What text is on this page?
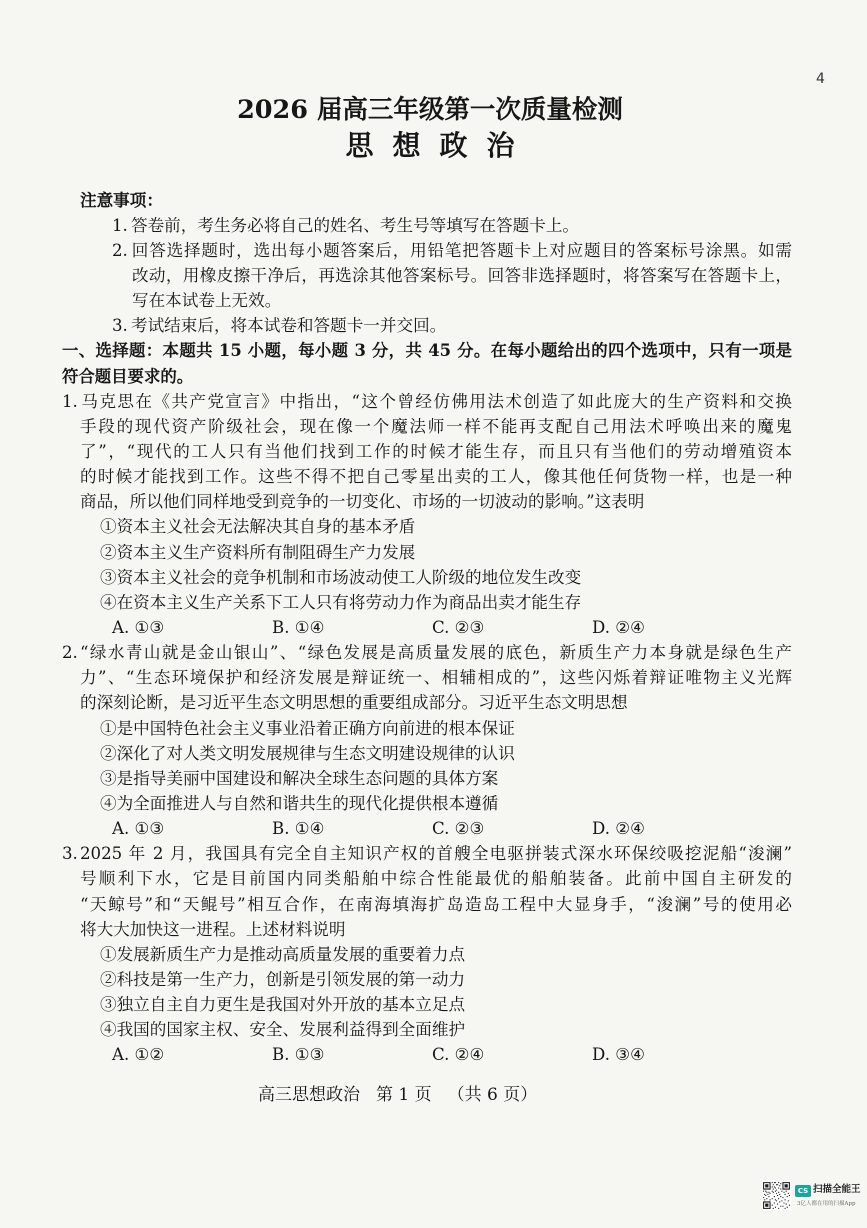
4
2026 届高三年级第一次质量检测
思想政治
注意事项：
1. 答卷前，考生务必将自己的姓名、考生号等填写在答题卡上。
2. 回答选择题时，选出每小题答案后，用铅笔把答题卡上对应题目的答案标号涂黑。如需
改动，用橡皮擦干净后，再选涂其他答案标号。回答非选择题时，将答案写在答题卡上，
写在本试卷上无效。
3. 考试结束后，将本试卷和答题卡一并交回。
一、选择题：本题共 15 小题，每小题 3 分，共 45 分。在每小题给出的四个选项中，只有一项是
符合题目要求的。
1. 马克思在《共产党宣言》中指出，“这个曾经仿佛用法术创造了如此庞大的生产资料和交换
手段的现代资产阶级社会，现在像一个魔法师一样不能再支配自己用法术呼唤出来的魔鬼
了”，“现代的工人只有当他们找到工作的时候才能生存，而且只有当他们的劳动增殖资本
的时候才能找到工作。这些不得不把自己零星出卖的工人，像其他任何货物一样，也是一种
商品，所以他们同样地受到竞争的一切变化、市场的一切波动的影响。”这表明
①资本主义社会无法解决其自身的基本矛盾
②资本主义生产资料所有制阻碍生产力发展
③资本主义社会的竞争机制和市场波动使工人阶级的地位发生改变
④在资本主义生产关系下工人只有将劳动力作为商品出卖才能生存
A. ①③	B. ①④	C. ②③	D. ②④
2. “绿水青山就是金山银山”、“绿色发展是高质量发展的底色，新质生产力本身就是绿色生产
力”、“生态环境保护和经济发展是辩证统一、相辅相成的”，这些闪烁着辩证唯物主义光辉
的深刻论断，是习近平生态文明思想的重要组成部分。习近平生态文明思想
①是中国特色社会主义事业沿着正确方向前进的根本保证
②深化了对人类文明发展规律与生态文明建设规律的认识
③是指导美丽中国建设和解决全球生态问题的具体方案
④为全面推进人与自然和谐共生的现代化提供根本遵循
A. ①③	B. ①④	C. ②③	D. ②④
3. 2025 年 2 月，我国具有完全自主知识产权的首艘全电驱拼装式深水环保绞吸挖泥船“浚澜”
号顺利下水，它是目前国内同类船舶中综合性能最优的船舶装备。此前中国自主研发的
“天鲸号”和“天鲲号”相互合作，在南海填海扩岛造岛工程中大显身手，“浚澜”号的使用必
将大大加快这一进程。上述材料说明
①发展新质生产力是推动高质量发展的重要着力点
②科技是第一生产力，创新是引领发展的第一动力
③独立自主自力更生是我国对外开放的基本立足点
④我国的国家主权、安全、发展利益得到全面维护
A. ①②	B. ①③	C. ②④	D. ③④
高三思想政治 第 1 页 （共 6 页）
CS 扫描全能王
3亿人都在用的扫描App
